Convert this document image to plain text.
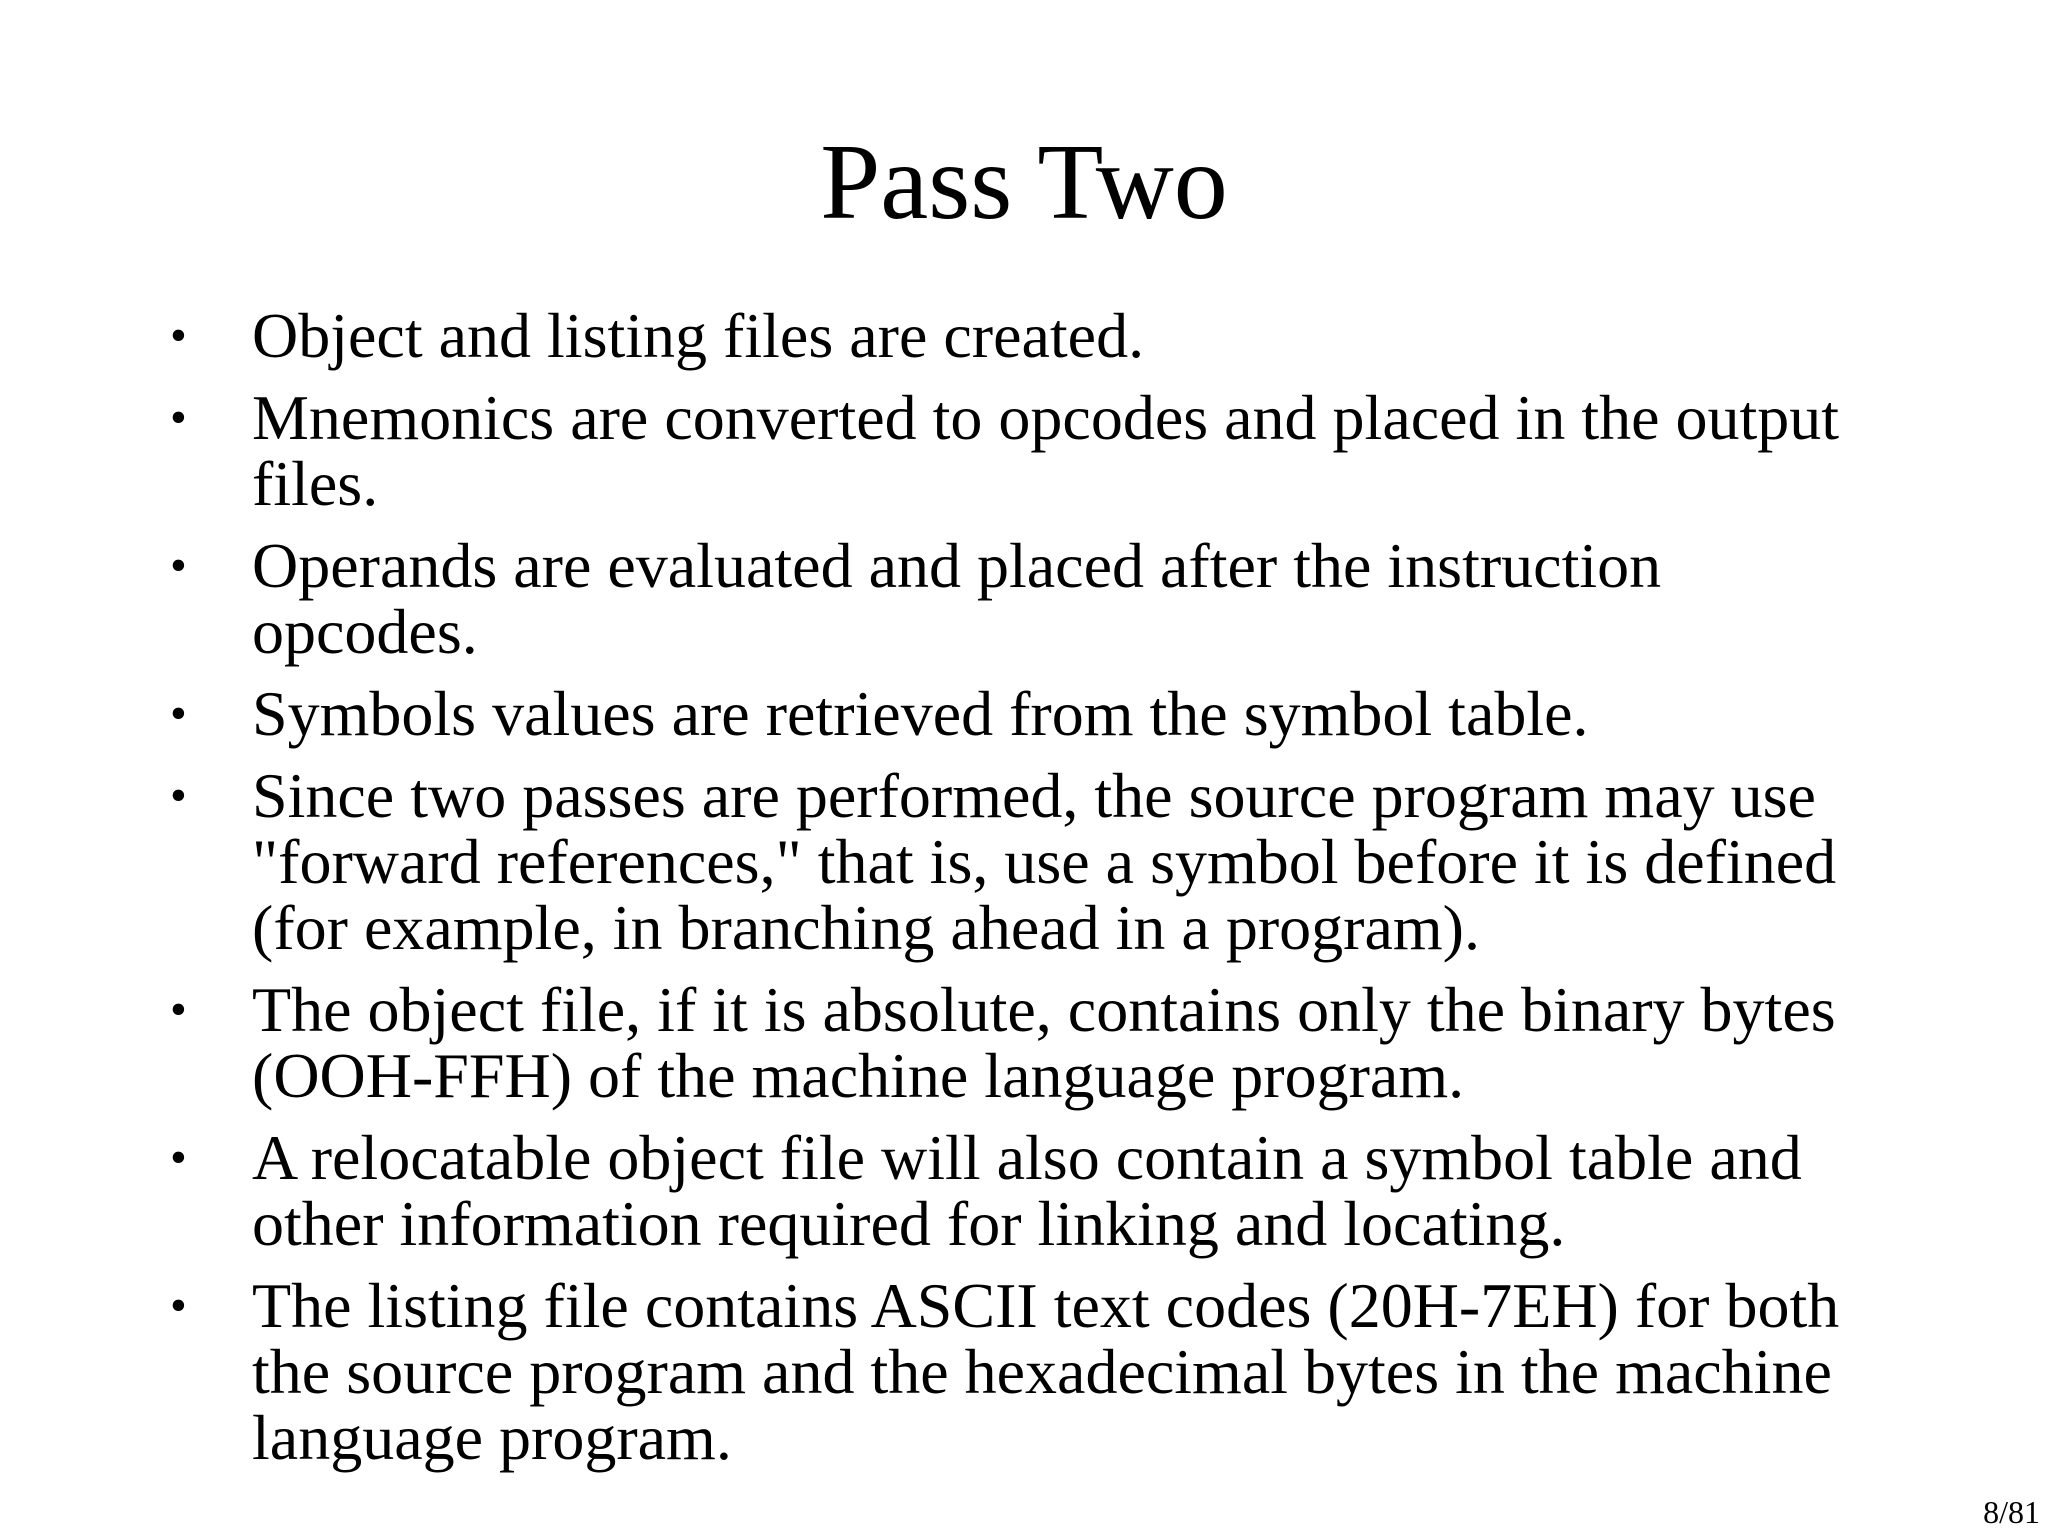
Pass Two
• Object and listing files are created.
• Mnemonics are converted to opcodes and placed in the output files.
• Operands are evaluated and placed after the instruction opcodes.
• Symbols values are retrieved from the symbol table.
• Since two passes are performed, the source program may use "forward references," that is, use a symbol before it is defined (for example, in branching ahead in a program).
• The object file, if it is absolute, contains only the binary bytes (OOH-FFH) of the machine language program.
• A relocatable object file will also contain a symbol table and other information required for linking and locating.
• The listing file contains ASCII text codes (20H-7EH) for both the source program and the hexadecimal bytes in the machine language program.
8/81
